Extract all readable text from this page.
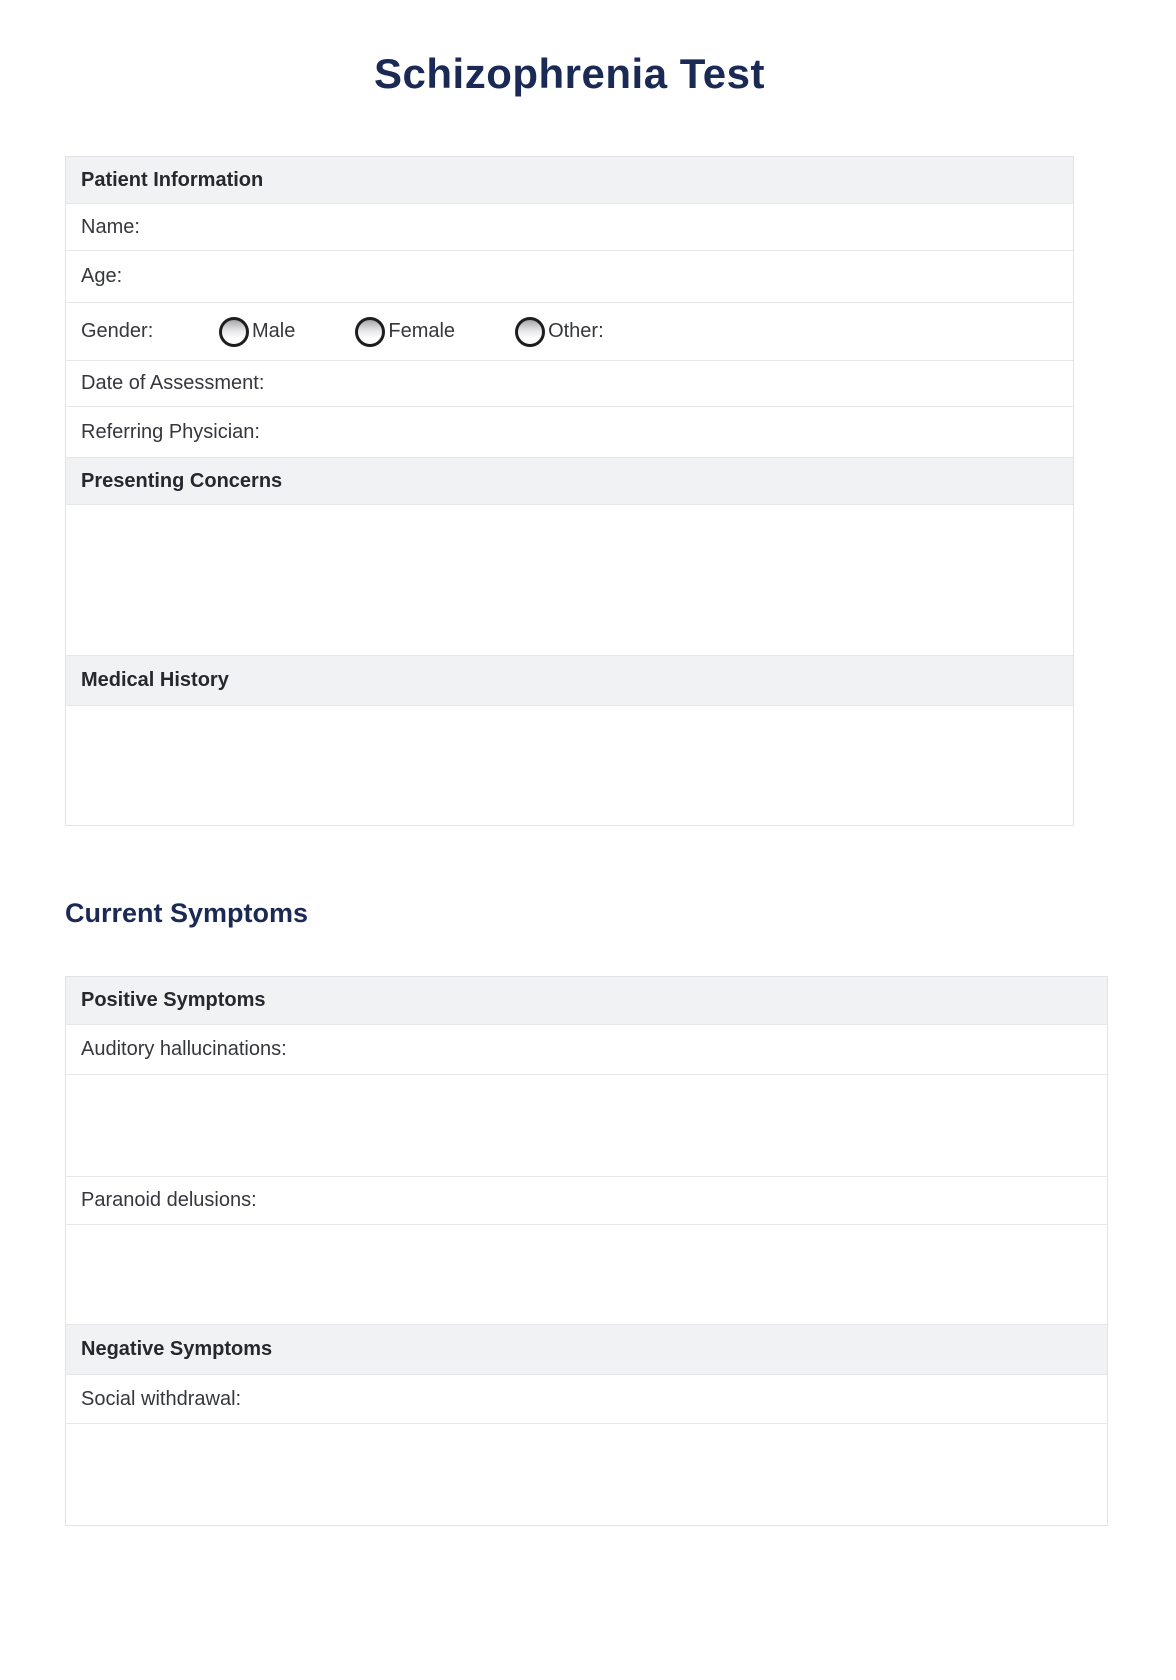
Schizophrenia Test
Patient Information
Name:
Age:
Gender:	Male	Female	Other:
Date of Assessment:
Referring Physician:
Presenting Concerns
Medical History
Current Symptoms
Positive Symptoms
Auditory hallucinations:
Paranoid delusions:
Negative Symptoms
Social withdrawal:
